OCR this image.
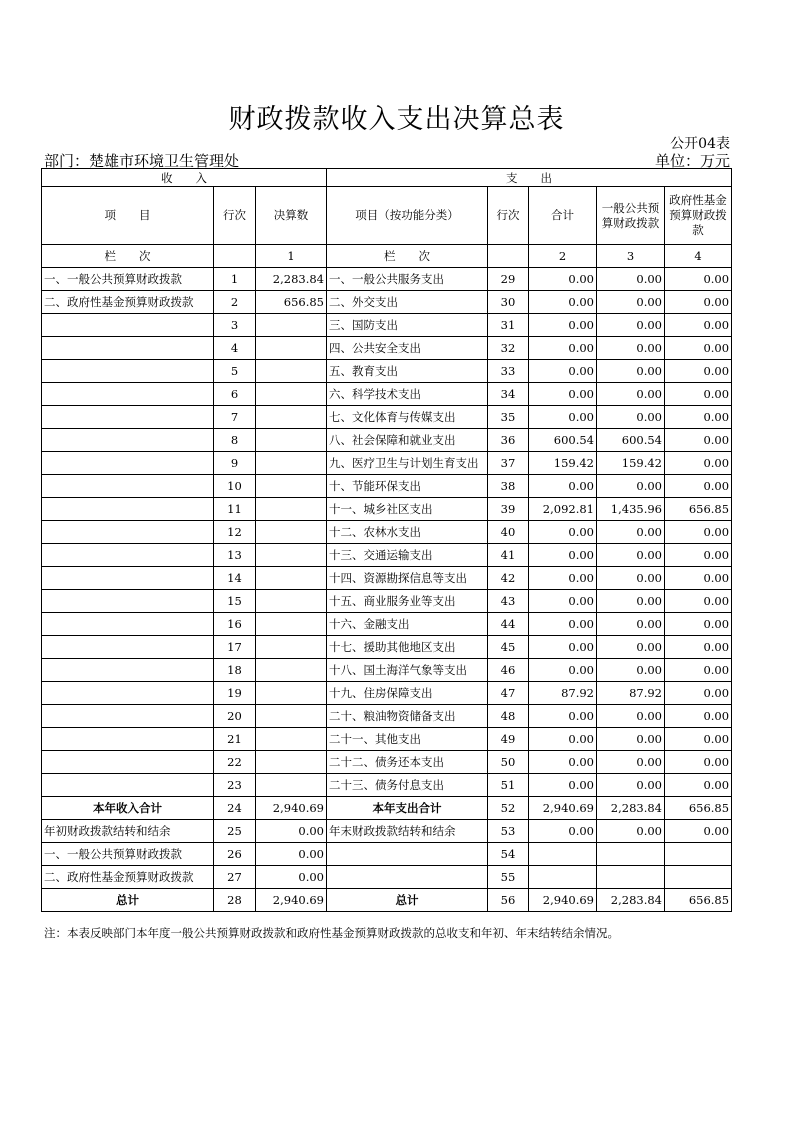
财政拨款收入支出决算总表
公开04表
部门：楚雄市环境卫生管理处	单位：万元
收　　入			支　　出				
项　　目	行次	决算数	项目（按功能分类）	行次	合计	一般公共预算财政拨款	政府性基金预算财政拨款
栏　　次		1	栏　　次		2	3	4
一、一般公共预算财政拨款	1	2,283.84	一、一般公共服务支出	29	0.00	0.00	0.00
二、政府性基金预算财政拨款	2	656.85	二、外交支出	30	0.00	0.00	0.00
	3		三、国防支出	31	0.00	0.00	0.00
	4		四、公共安全支出	32	0.00	0.00	0.00
	5		五、教育支出	33	0.00	0.00	0.00
	6		六、科学技术支出	34	0.00	0.00	0.00
	7		七、文化体育与传媒支出	35	0.00	0.00	0.00
	8		八、社会保障和就业支出	36	600.54	600.54	0.00
	9		九、医疗卫生与计划生育支出	37	159.42	159.42	0.00
	10		十、节能环保支出	38	0.00	0.00	0.00
	11		十一、城乡社区支出	39	2,092.81	1,435.96	656.85
	12		十二、农林水支出	40	0.00	0.00	0.00
	13		十三、交通运输支出	41	0.00	0.00	0.00
	14		十四、资源勘探信息等支出	42	0.00	0.00	0.00
	15		十五、商业服务业等支出	43	0.00	0.00	0.00
	16		十六、金融支出	44	0.00	0.00	0.00
	17		十七、援助其他地区支出	45	0.00	0.00	0.00
	18		十八、国土海洋气象等支出	46	0.00	0.00	0.00
	19		十九、住房保障支出	47	87.92	87.92	0.00
	20		二十、粮油物资储备支出	48	0.00	0.00	0.00
	21		二十一、其他支出	49	0.00	0.00	0.00
	22		二十二、债务还本支出	50	0.00	0.00	0.00
	23		二十三、债务付息支出	51	0.00	0.00	0.00
本年收入合计	24	2,940.69	本年支出合计	52	2,940.69	2,283.84	656.85
年初财政拨款结转和结余	25	0.00	年末财政拨款结转和结余	53	0.00	0.00	0.00
一、一般公共预算财政拨款	26	0.00		54			
二、政府性基金预算财政拨款	27	0.00		55			
总计	28	2,940.69	总计	56	2,940.69	2,283.84	656.85
注：本表反映部门本年度一般公共预算财政拨款和政府性基金预算财政拨款的总收支和年初、年末结转结余情况。
